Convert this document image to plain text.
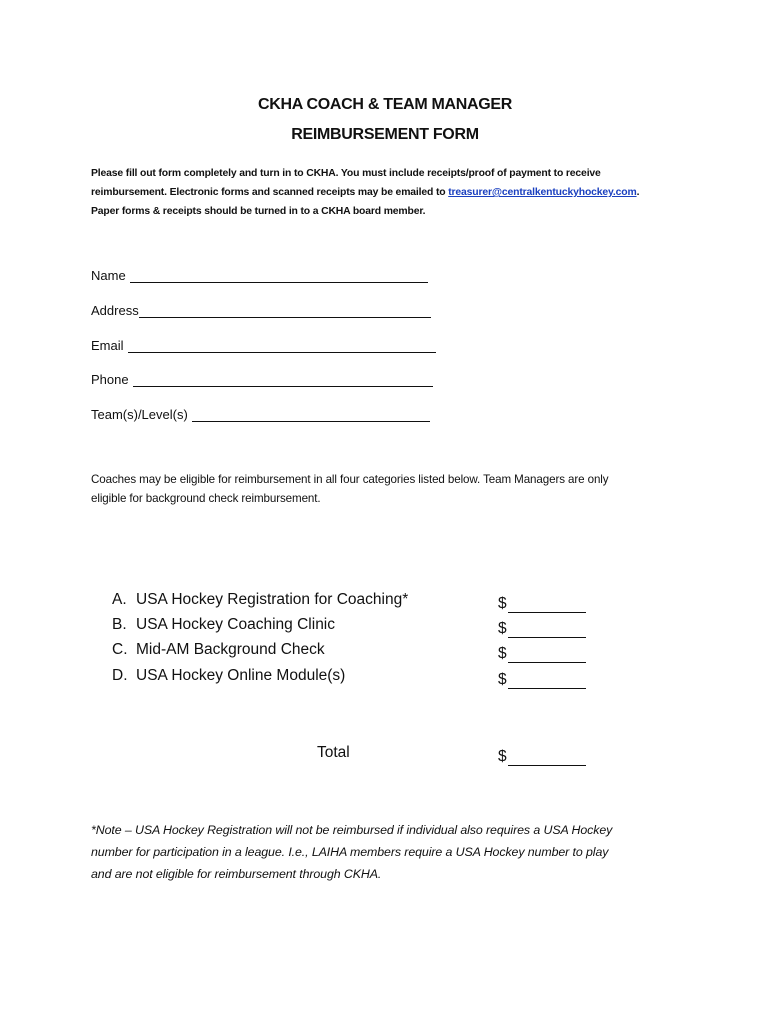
CKHA COACH & TEAM MANAGER
REIMBURSEMENT FORM
Please fill out form completely and turn in to CKHA. You must include receipts/proof of payment to receive
reimbursement. Electronic forms and scanned receipts may be emailed to treasurer@centralkentuckyhockey.com.
Paper forms & receipts should be turned in to a CKHA board member.
Name
Address
Email
Phone
Team(s)/Level(s)
Coaches may be eligible for reimbursement in all four categories listed below. Team Managers are only
eligible for background check reimbursement.
A. USA Hockey Registration for Coaching*
B. USA Hockey Coaching Clinic
C. Mid-AM Background Check
D. USA Hockey Online Module(s)
$
$
$
$
Total	$
*Note – USA Hockey Registration will not be reimbursed if individual also requires a USA Hockey
number for participation in a league. I.e., LAIHA members require a USA Hockey number to play
and are not eligible for reimbursement through CKHA.
